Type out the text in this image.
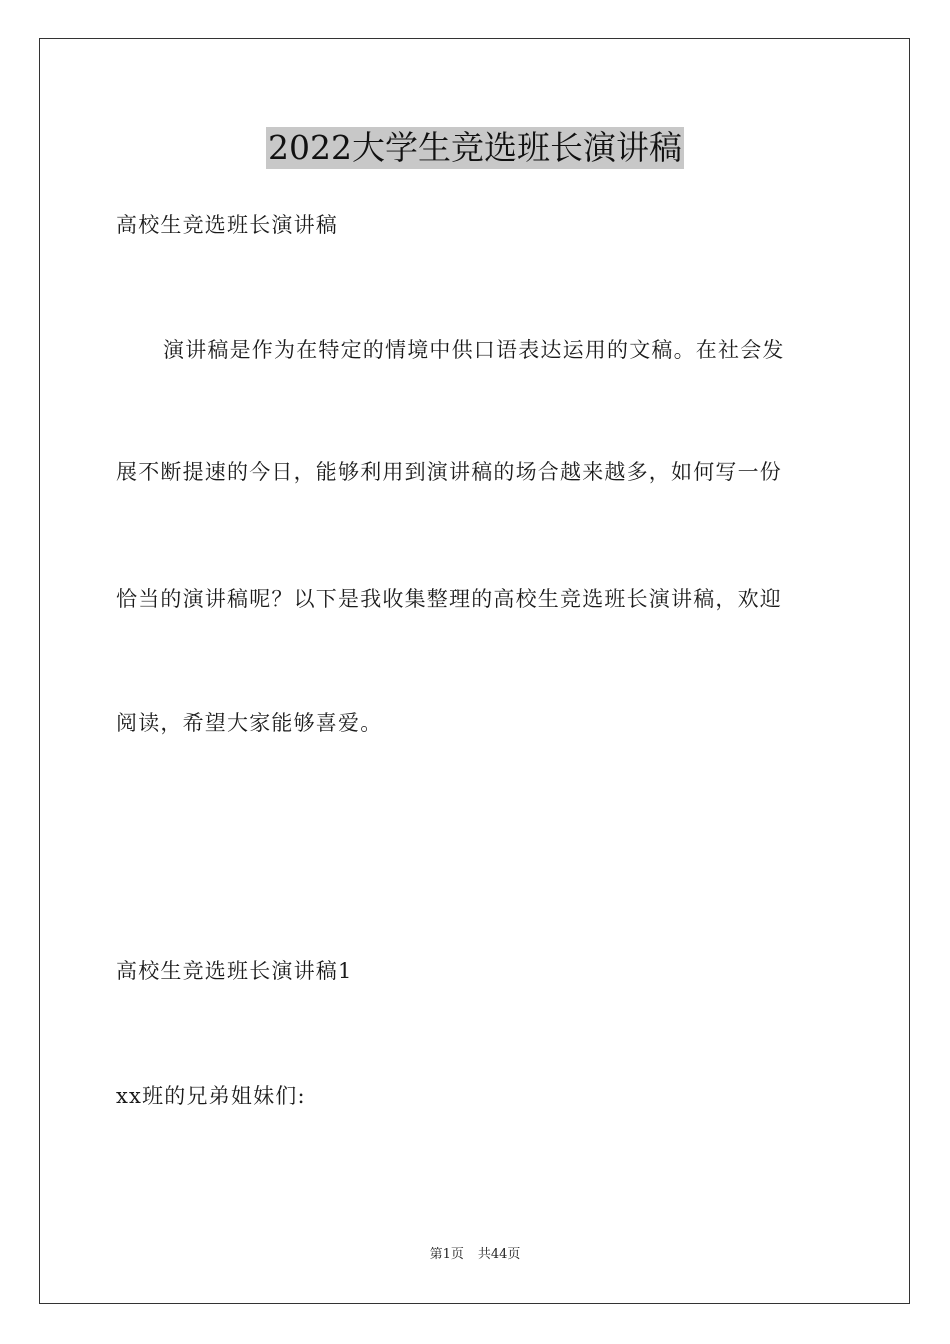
2022大学生竞选班长演讲稿
高校生竞选班长演讲稿
演讲稿是作为在特定的情境中供口语表达运用的文稿。在社会发
展不断提速的今日，能够利用到演讲稿的场合越来越多，如何写一份
恰当的演讲稿呢？以下是我收集整理的高校生竞选班长演讲稿，欢迎
阅读，希望大家能够喜爱。
高校生竞选班长演讲稿1
xx班的兄弟姐妹们:
第1页 共44页
